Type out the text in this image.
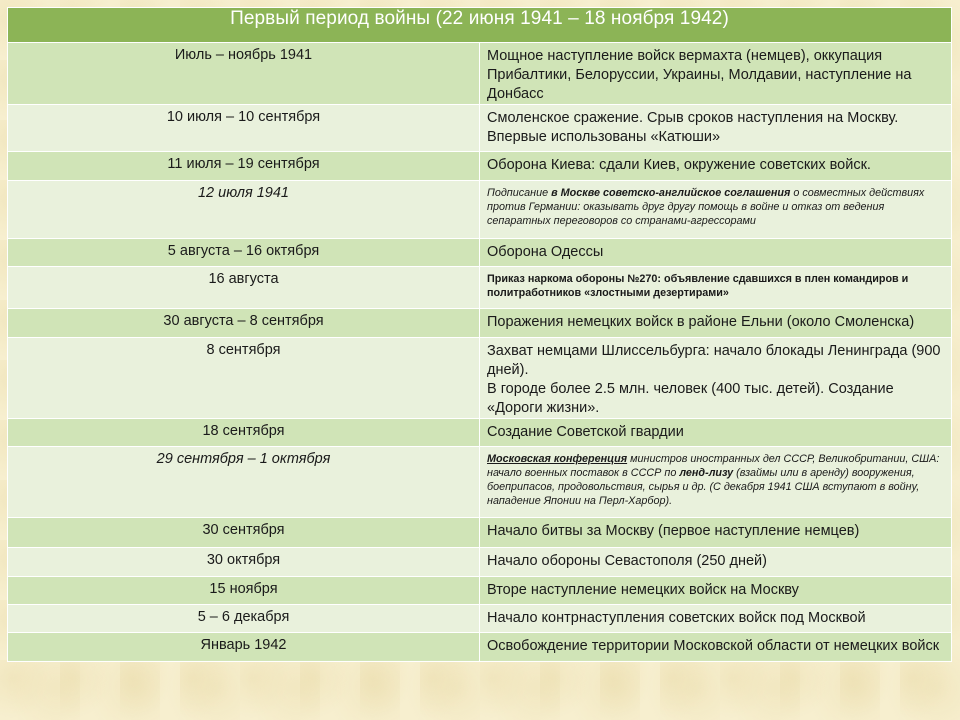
Первый период войны (22 июня 1941 – 18 ноября 1942)	
Июль – ноябрь 1941	Мощное наступление войск вермахта (немцев), оккупация Прибалтики, Белоруссии, Украины, Молдавии, наступление на Донбасс
10 июля – 10 сентября	Смоленское сражение. Срыв сроков наступления на Москву. Впервые использованы «Катюши»
11 июля – 19 сентября	Оборона Киева: сдали Киев, окружение советских войск.
12 июля 1941	Подписание в Москве советско-английское соглашения о совместных действиях против Германии: оказывать друг другу помощь в войне и отказ от ведения сепаратных переговоров со странами-агрессорами
5 августа – 16 октября	Оборона Одессы
16 августа	Приказ наркома обороны №270: объявление сдавшихся в плен командиров и политработников «злостными дезертирами»
30 августа – 8 сентября	Поражения немецких войск в районе Ельни (около Смоленска)
8 сентября	Захват немцами Шлиссельбурга: начало блокады Ленинграда (900 дней).
В городе более 2.5 млн. человек (400 тыс. детей). Создание «Дороги жизни».

18 сентября	Создание Советской гвардии
29 сентября – 1 октября	Московская конференция министров иностранных дел СССР, Великобритании, США: начало военных поставок в СССР по ленд-лизу (взаймы или в аренду) вооружения, боеприпасов, продовольствия, сырья и др. (С декабря 1941 США вступают в войну, нападение Японии на Перл-Харбор).
30 сентября	Начало битвы за Москву (первое наступление немцев)
30 октября	Начало обороны Севастополя (250 дней)
15 ноября	Вторе наступление немецких войск на Москву
5 – 6 декабря	Начало контрнаступления советских войск под Москвой
Январь 1942	Освобождение территории Московской области от немецких войск
